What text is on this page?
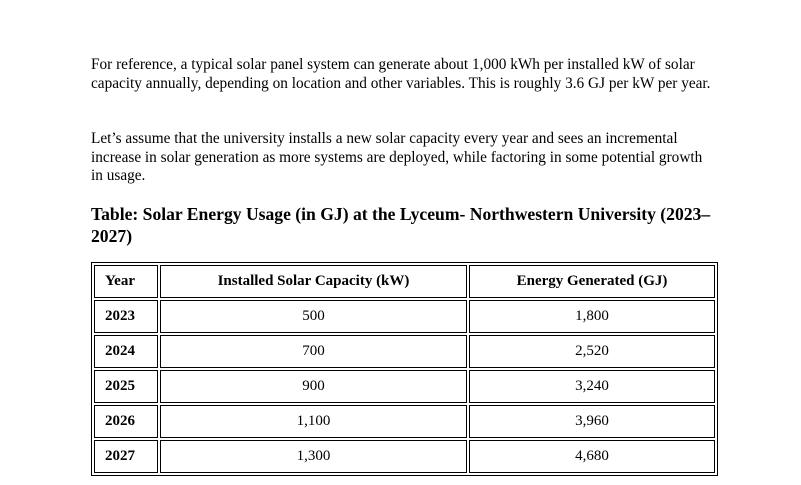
For reference, a typical solar panel system can generate about 1,000 kWh per installed kW of solar capacity annually, depending on location and other variables. This is roughly 3.6 GJ per kW per year.

Let’s assume that the university installs a new solar capacity every year and sees an incremental increase in solar generation as more systems are deployed, while factoring in some potential growth in usage.

Table: Solar Energy Usage (in GJ) at the Lyceum- Northwestern University (2023–2027)
Year	Installed Solar Capacity (kW)	Energy Generated (GJ)
2023	500	1,800
2024	700	2,520
2025	900	3,240
2026	1,100	3,960
2027	1,300	4,680
